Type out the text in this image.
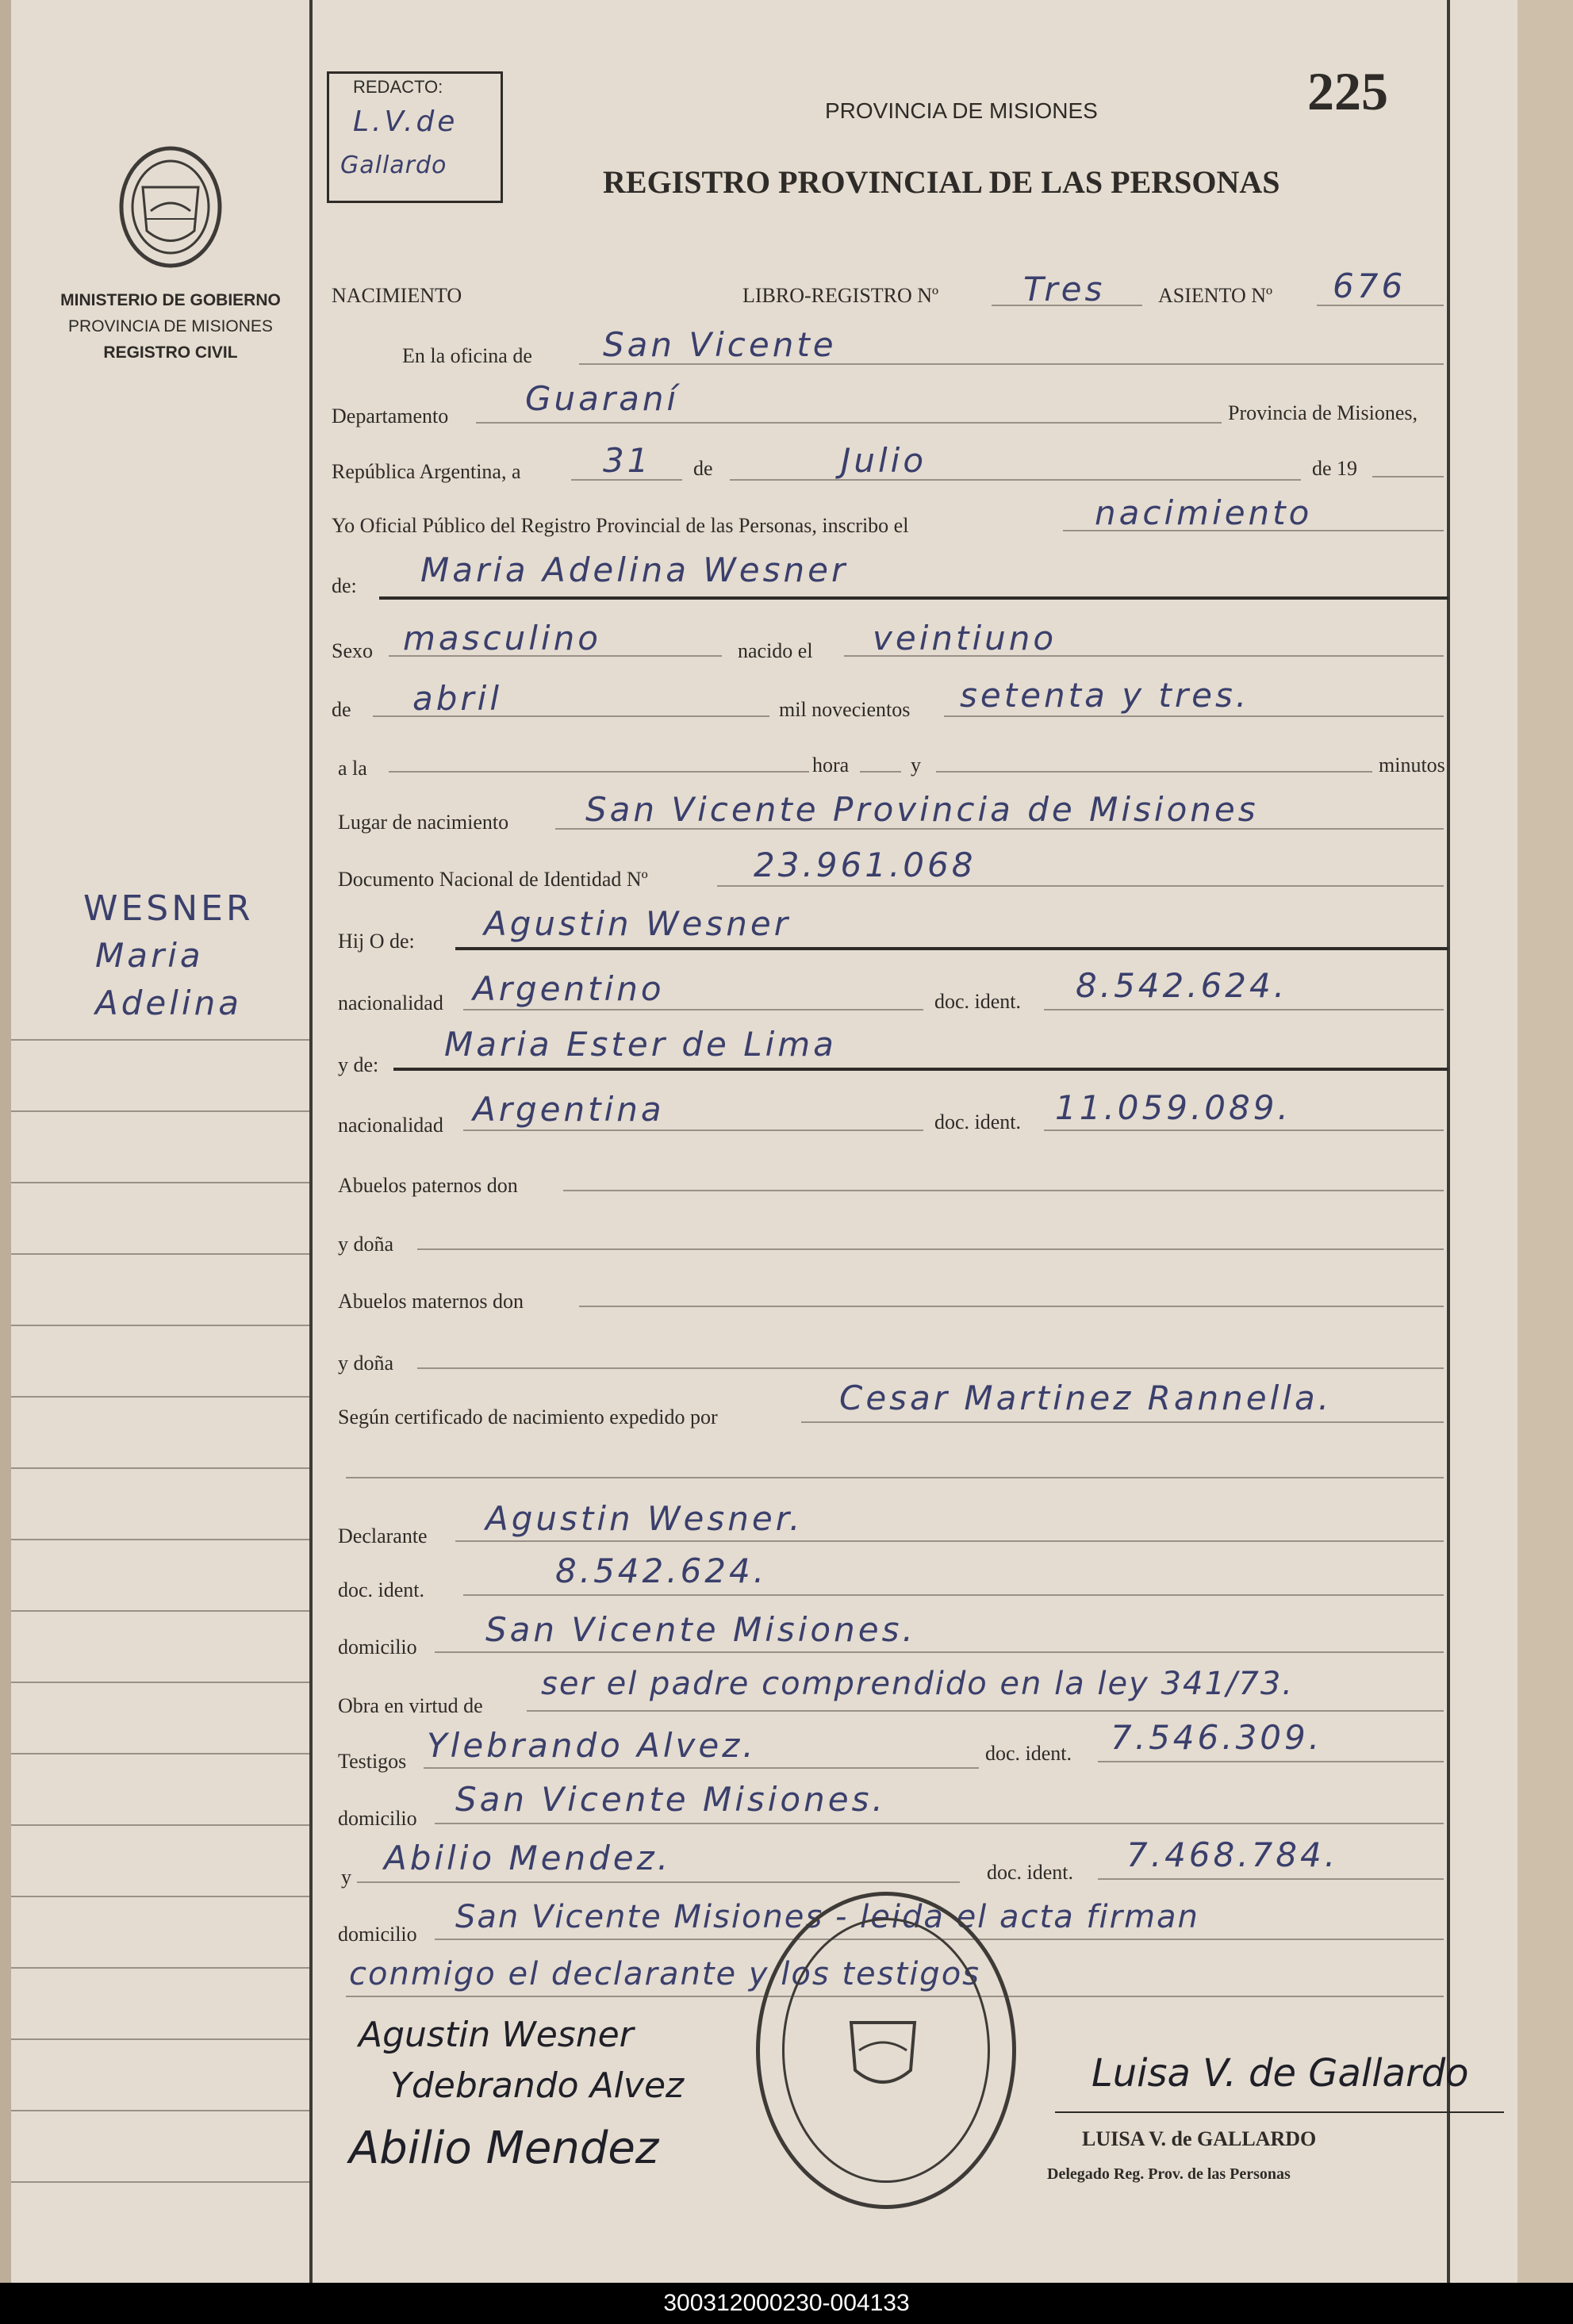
MINISTERIO DE GOBIERNO
PROVINCIA DE MISIONES
REGISTRO CIVIL
WESNER
Maria
Adelina
REDACTO:
L.V.de
Gallardo
PROVINCIA DE MISIONES	225
REGISTRO PROVINCIAL DE LAS PERSONAS
NACIMIENTO	LIBRO-REGISTRO Nº	Tres	ASIENTO Nº 676
En la oficina de San Vicente
Departamento Guaraní	Provincia de Misiones,
República Argentina, a 31 de	Julio	de 19
Yo Oficial Público del Registro Provincial de las Personas, inscribo el	nacimiento
de: Maria Adelina Wesner
Sexo masculino	nacido el veintiuno
de abril	mil novecientos setenta y tres.
a la	hora	y	minutos
Lugar de nacimiento San Vicente Provincia de Misiones
Documento Nacional de Identidad Nº	23.961.068
Hij O de: Agustin Wesner
nacionalidad Argentino	doc. ident. 8.542.624.
y de:
Maria Ester de Lima
nacionalidad Argentina	doc. ident. 11.059.089.
Abuelos paternos don
y doña
Abuelos maternos don
y doña
Según certificado de nacimiento expedido por	Cesar Martinez Rannella.
Declarante Agustin Wesner.
doc. ident.	8.542.624.
domicilio San Vicente Misiones.
Obra en virtud de
ser el padre comprendido en la ley 341/73.
Testigos Ylebrando Alvez.	doc. ident. 7.546.309.
domicilio San Vicente Misiones.
y Abilio Mendez.	doc. ident. 7.468.784.
domicilio San Vicente Misiones - leida el acta firman
conmigo el declarante y los testigos
Agustin Wesner
Ydebrando Alvez
Abilio Mendez
Luisa V. de Gallardo
LUISA V. de GALLARDO
Delegado Reg. Prov. de las Personas
300312000230-004133
